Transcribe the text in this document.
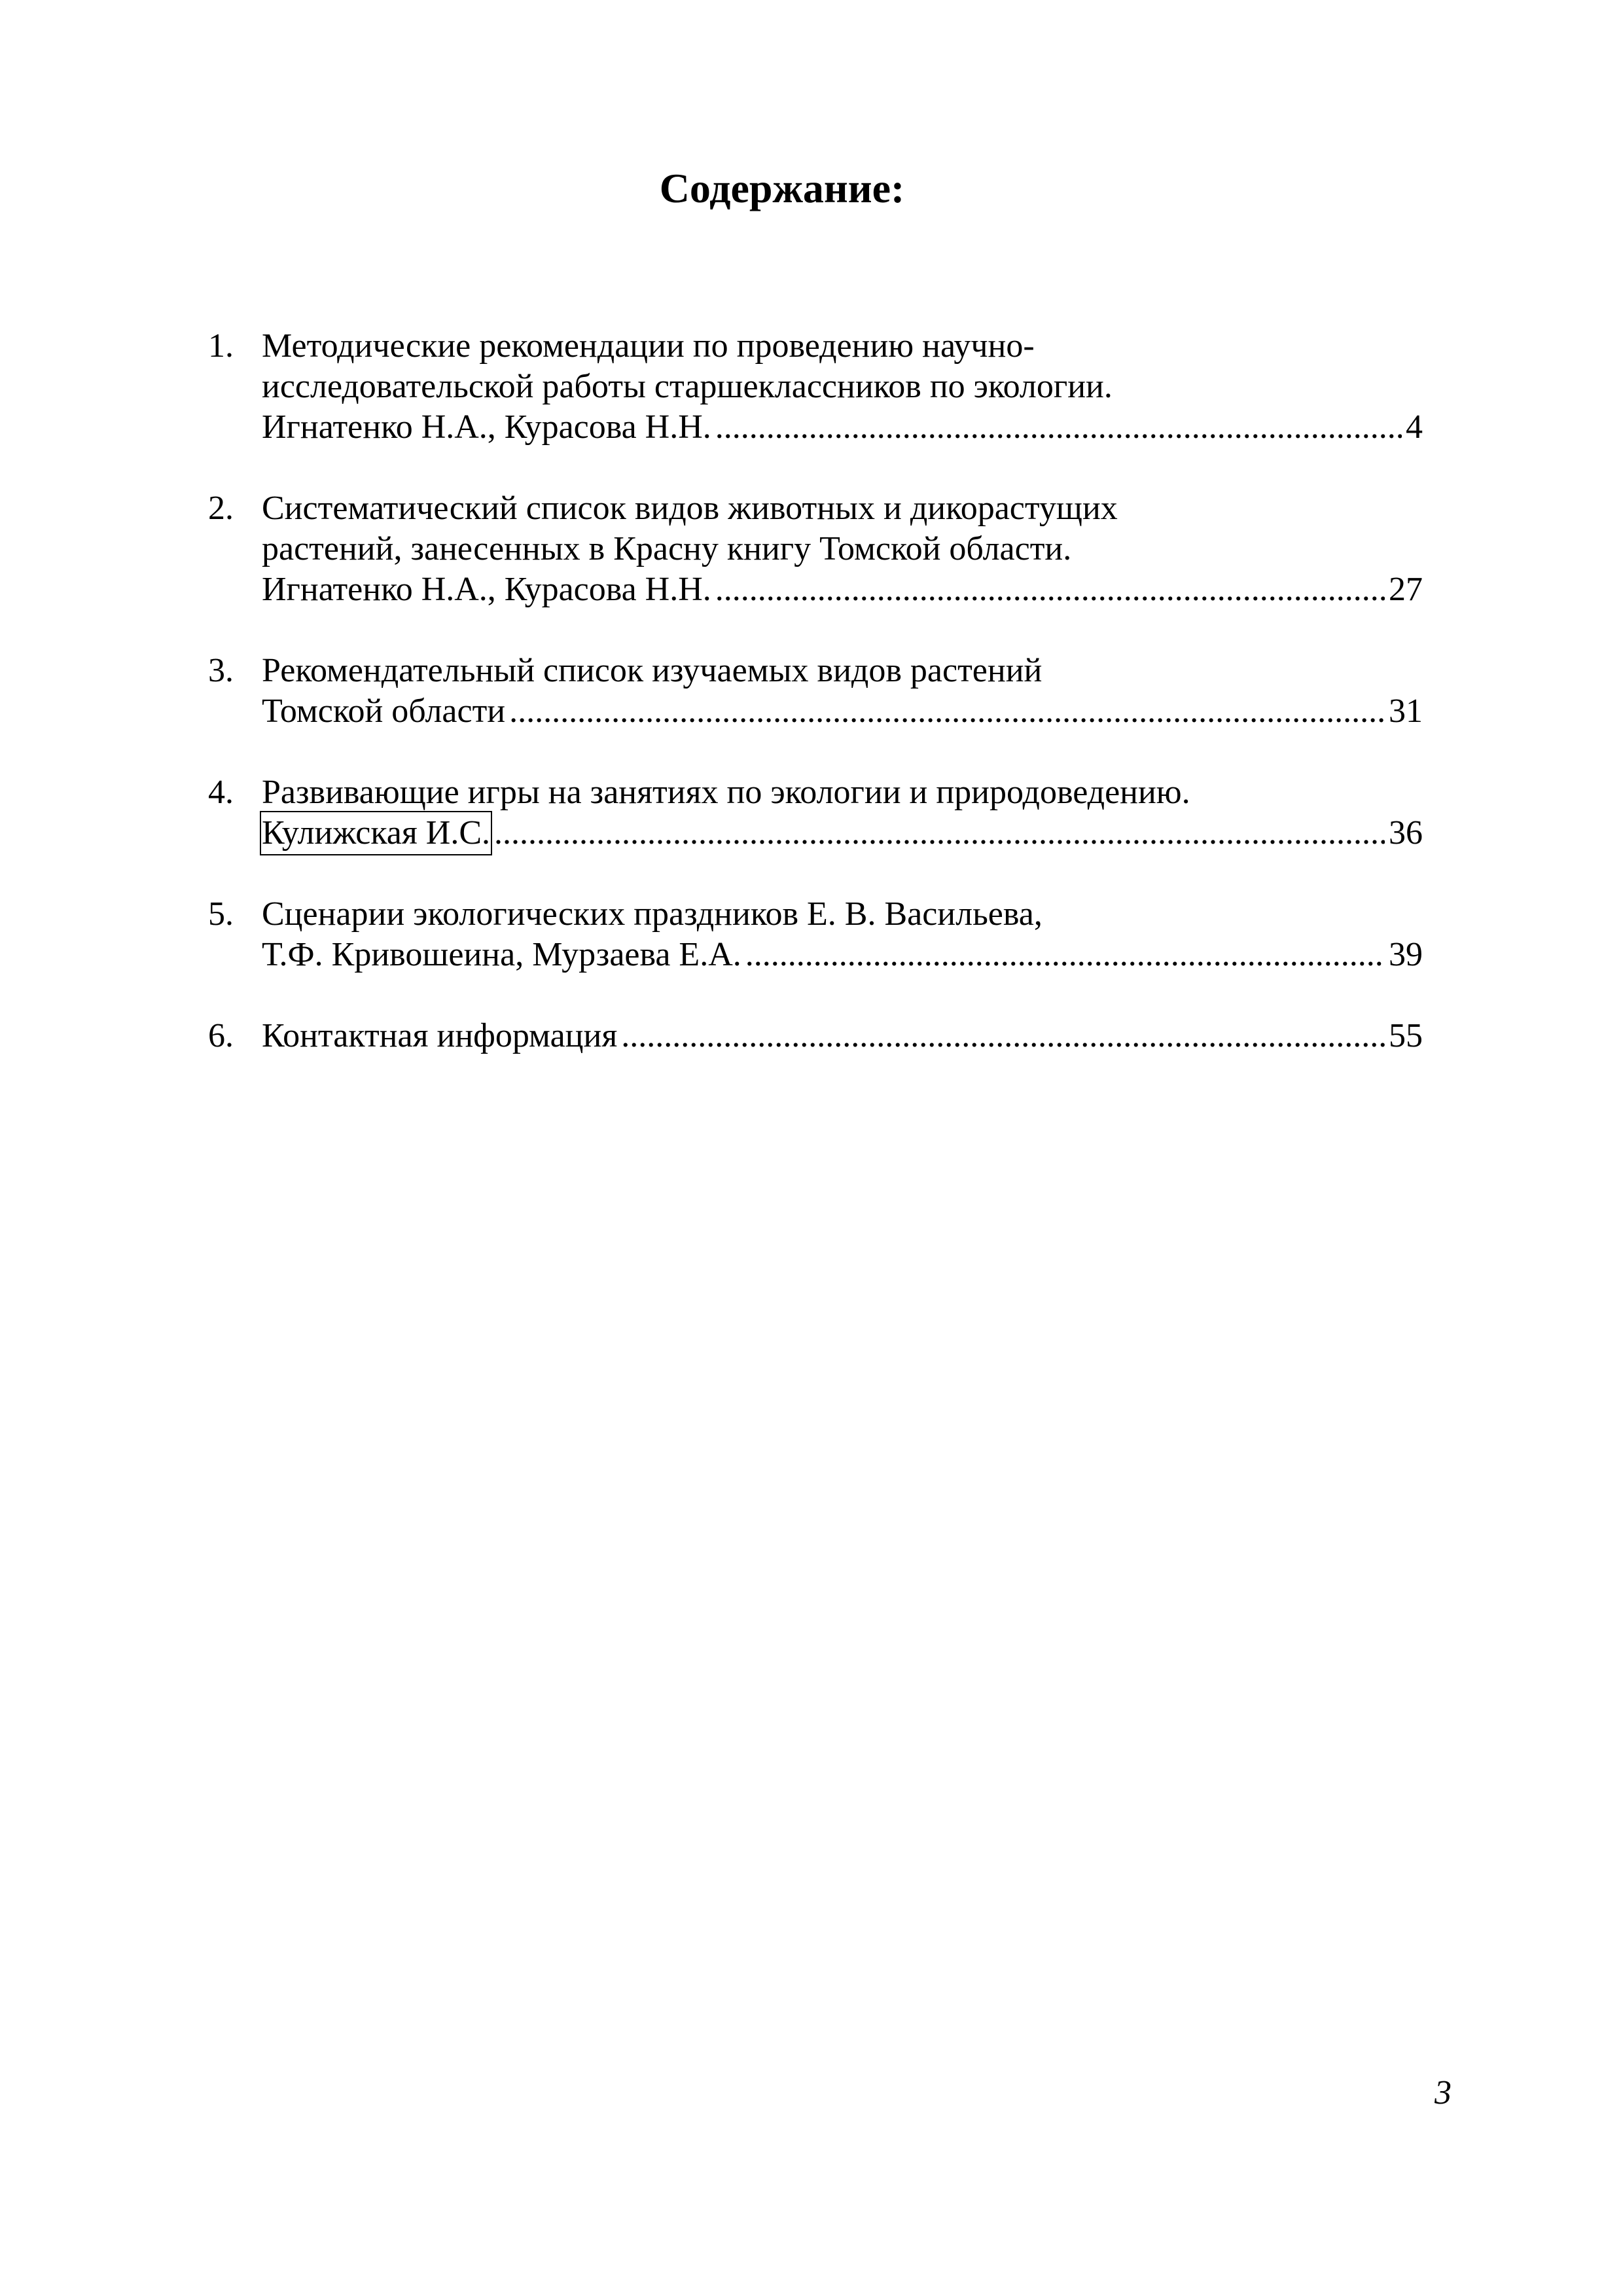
Содержание:
1. Методические рекомендации по проведению научно-
исследовательской работы старшеклассников по экологии.
Игнатенко Н.А., Курасова Н.Н. .....	4
2. Систематический список видов животных и дикорастущих
растений, занесенных в Красну книгу Томской области.
Игнатенко Н.А., Курасова Н.Н. .....	27
3. Рекомендательный список изучаемых видов растений
Томской области .....	31
4. Развивающие игры на занятиях по экологии и природоведению.
Кулижская И.С. .....	36
5. Сценарии экологических праздников Е. В. Васильева,
Т.Ф. Кривошеина, Мурзаева Е.А. .....	39
6. Контактная информация .....	55
3
